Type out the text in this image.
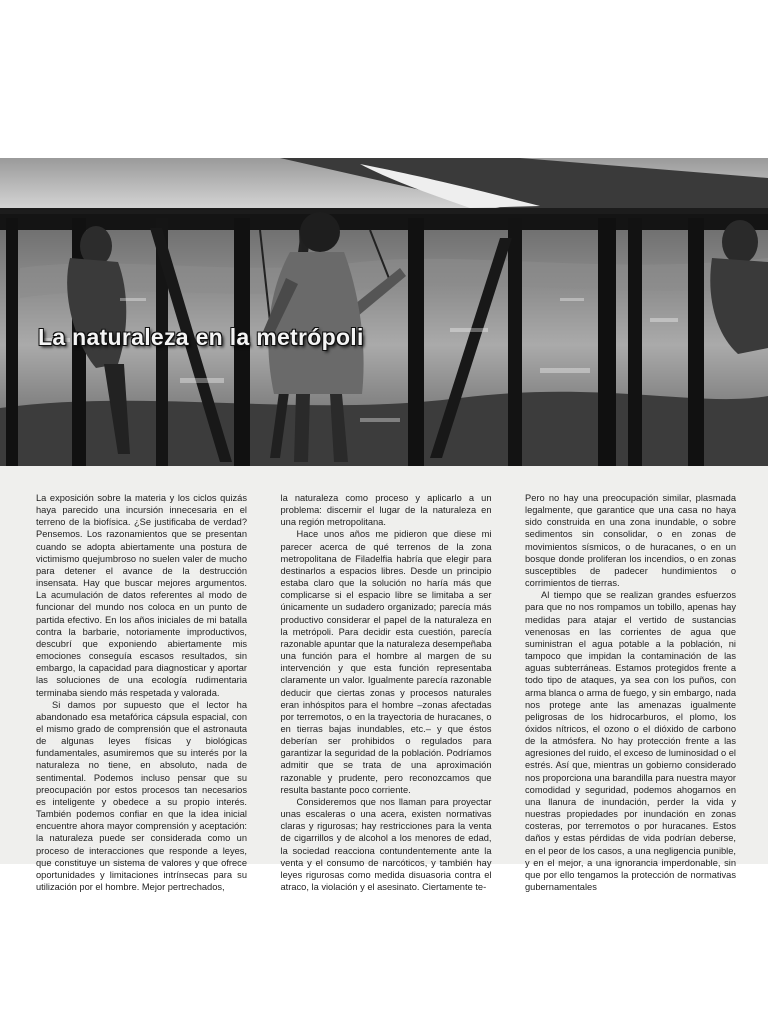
La naturaleza en la metrópoli

La exposición sobre la materia y los ciclos quizás haya parecido una incursión innecesaria en el terreno de la biofísica. ¿Se justificaba de verdad? Pensemos. Los razonamientos que se presentan cuando se adopta abiertamente una postura de victimismo quejumbroso no suelen valer de mucho para detener el avance de la destrucción insensata. Hay que buscar mejores argumentos. La acumulación de datos referentes al modo de funcionar del mundo nos coloca en un punto de partida efectivo. En los años iniciales de mi batalla contra la barbarie, notoriamente improductivos, descubrí que exponiendo abiertamente mis emociones conseguía escasos resultados, sin embargo, la capacidad para diagnosticar y aportar las soluciones de una ecología rudimentaria terminaba siendo más respetada y valorada.

Si damos por supuesto que el lector ha abandonado esa metafórica cápsula espacial, con el mismo grado de comprensión que el astronauta de algunas leyes físicas y biológicas fundamentales, asumiremos que su interés por la naturaleza no tiene, en absoluto, nada de sentimental. Podemos incluso pensar que su preocupación por estos procesos tan necesarios es inteligente y obedece a su propio interés. También podemos confiar en que la idea inicial encuentre ahora mayor comprensión y aceptación: la naturaleza puede ser considerada como un proceso de interacciones que responde a leyes, que constituye un sistema de valores y que ofrece oportunidades y limitaciones intrínsecas para su utilización por el hombre. Mejor pertrechados,

la naturaleza como proceso y aplicarlo a un problema: discernir el lugar de la naturaleza en una región metropolitana.

Hace unos años me pidieron que diese mi parecer acerca de qué terrenos de la zona metropolitana de Filadelfia habría que elegir para destinarlos a espacios libres. Desde un principio estaba claro que la solución no haría más que complicarse si el espacio libre se limitaba a ser únicamente un sudadero organizado; parecía más productivo considerar el papel de la naturaleza en la metrópoli. Para decidir esta cuestión, parecía razonable apuntar que la naturaleza desempeñaba una función para el hombre al margen de su intervención y que esta función representaba claramente un valor. Igualmente parecía razonable deducir que ciertas zonas y procesos naturales eran inhóspitos para el hombre –zonas afectadas por terremotos, o en la trayectoria de huracanes, o en tierras bajas inundables, etc.– y que éstos deberían ser prohibidos o regulados para garantizar la seguridad de la población. Podríamos admitir que se trata de una aproximación razonable y prudente, pero reconozcamos que resulta bastante poco corriente.

Consideremos que nos llaman para proyectar unas escaleras o una acera, existen normativas claras y rigurosas; hay restricciones para la venta de cigarrillos y de alcohol a los menores de edad, la sociedad reacciona contundentemente ante la venta y el consumo de narcóticos, y también hay leyes rigurosas como medida disuasoria contra el atraco, la violación y el asesinato. Ciertamente te-

Pero no hay una preocupación similar, plasmada legalmente, que garantice que una casa no haya sido construida en una zona inundable, o sobre sedimentos sin consolidar, o en zonas de movimientos sísmicos, o de huracanes, o en un bosque donde proliferan los incendios, o en zonas susceptibles de padecer hundimientos o corrimientos de tierras.

Al tiempo que se realizan grandes esfuerzos para que no nos rompamos un tobillo, apenas hay medidas para atajar el vertido de sustancias venenosas en las corrientes de agua que suministran el agua potable a la población, ni tampoco que impidan la contaminación de las aguas subterráneas. Estamos protegidos frente a todo tipo de ataques, ya sea con los puños, con arma blanca o arma de fuego, y sin embargo, nada nos protege ante las amenazas igualmente peligrosas de los hidrocarburos, el plomo, los óxidos nítricos, el ozono o el dióxido de carbono de la atmósfera. No hay protección frente a las agresiones del ruido, el exceso de luminosidad o el estrés. Así que, mientras un gobierno considerado nos proporciona una barandilla para nuestra mayor comodidad y seguridad, podemos ahogarnos en una llanura de inundación, perder la vida y nuestras propiedades por inundación en zonas costeras, por terremotos o por huracanes. Estos daños y estas pérdidas de vida podrían deberse, en el peor de los casos, a una negligencia punible, y en el mejor, a una ignorancia imperdonable, sin que por ello tengamos la protección de normativas gubernamentales
